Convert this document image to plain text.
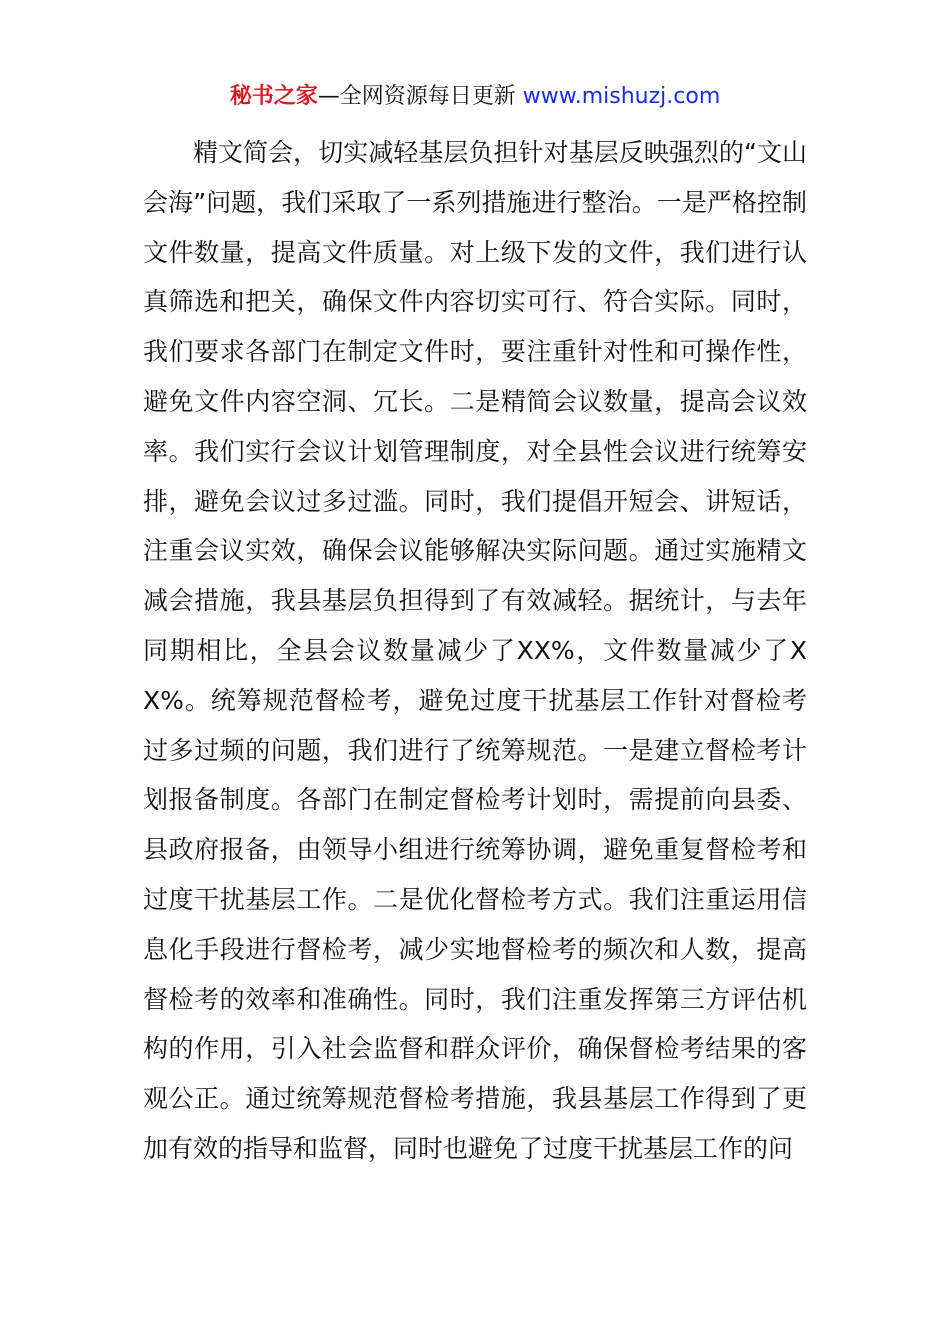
秘书之家—全网资源每日更新 www.mishuzj.com

精文简会，切实减轻基层负担针对基层反映强烈的“文山会海”问题，我们采取了一系列措施进行整治。一是严格控制文件数量，提高文件质量。对上级下发的文件，我们进行认真筛选和把关，确保文件内容切实可行、符合实际。同时，我们要求各部门在制定文件时，要注重针对性和可操作性，避免文件内容空洞、冗长。二是精简会议数量，提高会议效率。我们实行会议计划管理制度，对全县性会议进行统筹安排，避免会议过多过滥。同时，我们提倡开短会、讲短话，注重会议实效，确保会议能够解决实际问题。通过实施精文减会措施，我县基层负担得到了有效减轻。据统计，与去年同期相比，全县会议数量减少了XX%，文件数量减少了XX%。统筹规范督检考，避免过度干扰基层工作针对督检考过多过频的问题，我们进行了统筹规范。一是建立督检考计划报备制度。各部门在制定督检考计划时，需提前向县委、县政府报备，由领导小组进行统筹协调，避免重复督检考和过度干扰基层工作。二是优化督检考方式。我们注重运用信息化手段进行督检考，减少实地督检考的频次和人数，提高督检考的效率和准确性。同时，我们注重发挥第三方评估机构的作用，引入社会监督和群众评价，确保督检考结果的客观公正。通过统筹规范督检考措施，我县基层工作得到了更加有效的指导和监督，同时也避免了过度干扰基层工作的问
